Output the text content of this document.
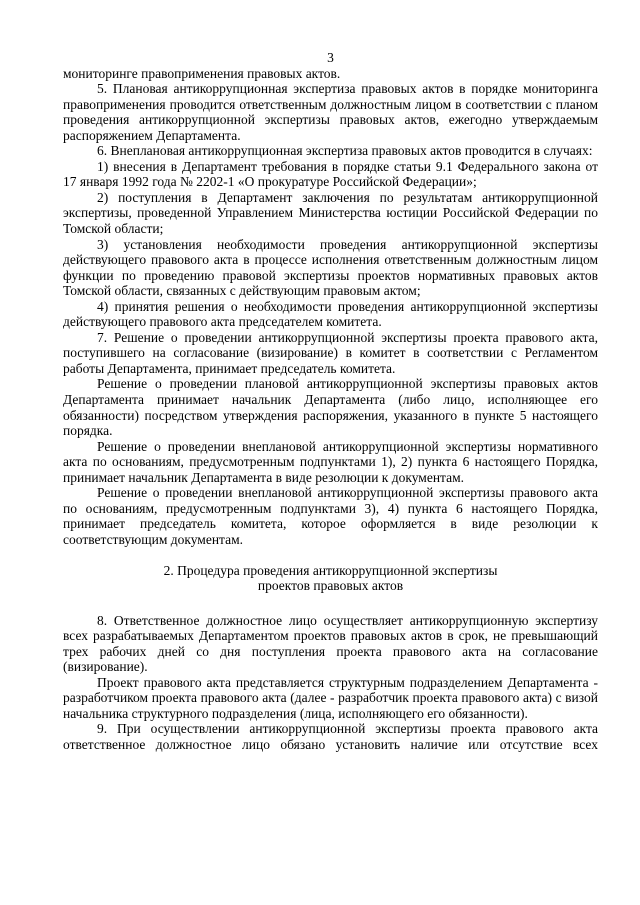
3

мониторинге правоприменения правовых актов.

5. Плановая антикоррупционная экспертиза правовых актов в порядке мониторинга правоприменения проводится ответственным должностным лицом в соответствии с планом проведения антикоррупционной экспертизы правовых актов, ежегодно утверждаемым распоряжением Департамента.

6. Внеплановая антикоррупционная экспертиза правовых актов проводится в случаях:

1) внесения в Департамент требования в порядке статьи 9.1 Федерального закона от 17 января 1992 года № 2202-1 «О прокуратуре Российской Федерации»;

2) поступления в Департамент заключения по результатам антикоррупционной экспертизы, проведенной Управлением Министерства юстиции Российской Федерации по Томской области;

3) установления необходимости проведения антикоррупционной экспертизы действующего правового акта в процессе исполнения ответственным должностным лицом функции по проведению правовой экспертизы проектов нормативных правовых актов Томской области, связанных с действующим правовым актом;

4) принятия решения о необходимости проведения антикоррупционной экспертизы действующего правового акта председателем комитета.

7. Решение о проведении антикоррупционной экспертизы проекта правового акта, поступившего на согласование (визирование) в комитет в соответствии с Регламентом работы Департамента, принимает председатель комитета.

Решение о проведении плановой антикоррупционной экспертизы правовых актов Департамента принимает начальник Департамента (либо лицо, исполняющее его обязанности) посредством утверждения распоряжения, указанного в пункте 5 настоящего порядка.

Решение о проведении внеплановой антикоррупционной экспертизы нормативного акта по основаниям, предусмотренным подпунктами 1), 2) пункта 6 настоящего Порядка, принимает начальник Департамента в виде резолюции к документам.

Решение о проведении внеплановой антикоррупционной экспертизы правового акта по основаниям, предусмотренным подпунктами 3), 4) пункта 6 настоящего Порядка, принимает председатель комитета, которое оформляется в виде резолюции к соответствующим документам.

2. Процедура проведения антикоррупционной экспертизы
проектов правовых актов

8. Ответственное должностное лицо осуществляет антикоррупционную экспертизу всех разрабатываемых Департаментом проектов правовых актов в срок, не превышающий трех рабочих дней со дня поступления проекта правового акта на согласование (визирование).

Проект правового акта представляется структурным подразделением Департамента - разработчиком проекта правового акта (далее - разработчик проекта правового акта) с визой начальника структурного подразделения (лица, исполняющего его обязанности).

9. При осуществлении антикоррупционной экспертизы проекта правового акта ответственное должностное лицо обязано установить наличие или отсутствие всех
